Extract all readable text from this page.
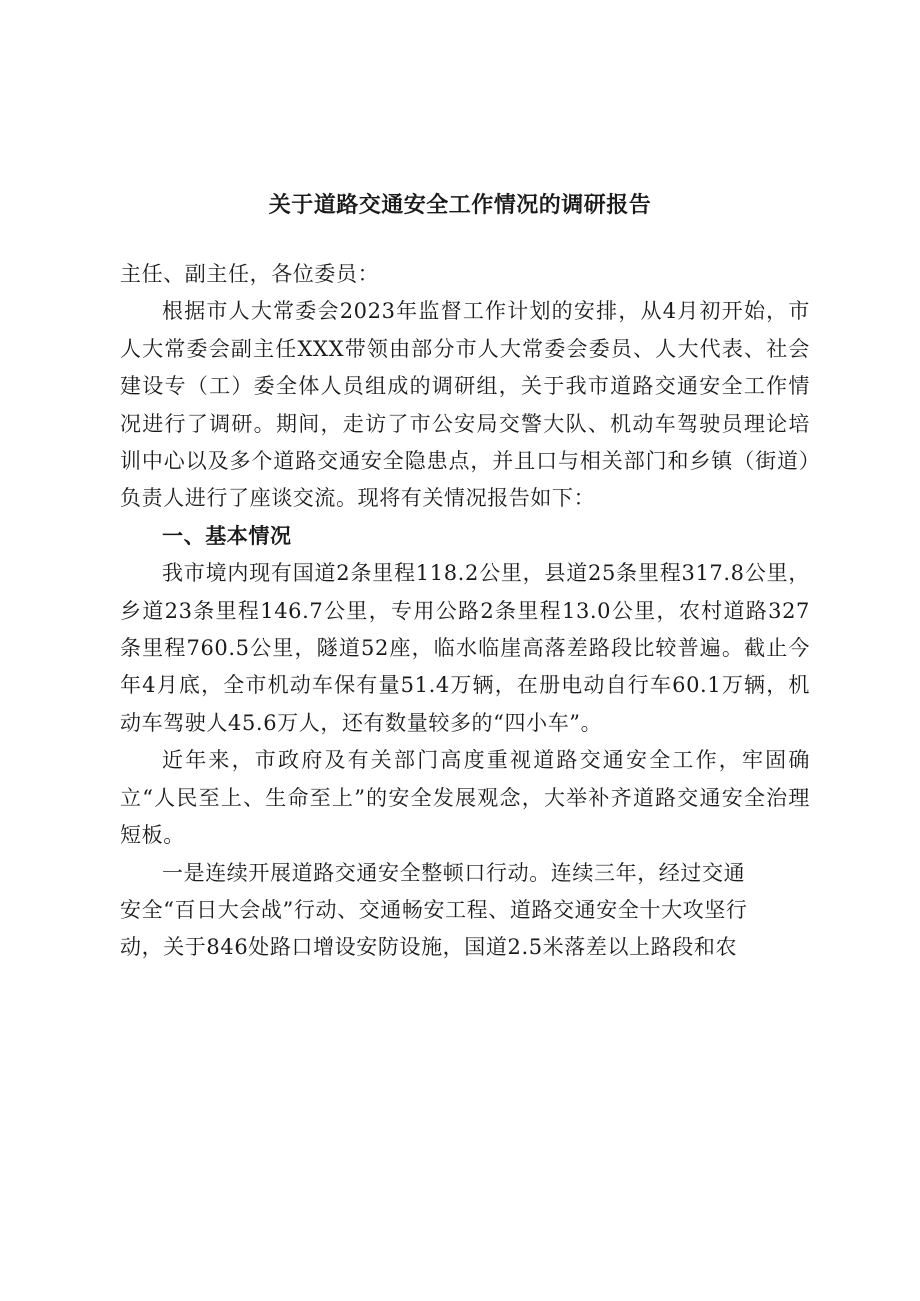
关于道路交通安全工作情况的调研报告

主任、副主任，各位委员：

根据市人大常委会2023年监督工作计划的安排，从4月初开始，市人大常委会副主任XXX带领由部分市人大常委会委员、人大代表、社会建设专（工）委全体人员组成的调研组，关于我市道路交通安全工作情况进行了调研。期间，走访了市公安局交警大队、机动车驾驶员理论培训中心以及多个道路交通安全隐患点，并且口与相关部门和乡镇（街道）负责人进行了座谈交流。现将有关情况报告如下：

一、基本情况

我市境内现有国道2条里程118.2公里，县道25条里程317.8公里，乡道23条里程146.7公里，专用公路2条里程13.0公里，农村道路327条里程760.5公里，隧道52座，临水临崖高落差路段比较普遍。截止今年4月底，全市机动车保有量51.4万辆，在册电动自行车60.1万辆，机动车驾驶人45.6万人，还有数量较多的“四小车”。

近年来，市政府及有关部门高度重视道路交通安全工作，牢固确立“人民至上、生命至上”的安全发展观念，大举补齐道路交通安全治理短板。

一是连续开展道路交通安全整顿口行动。连续三年，经过交通

安全“百日大会战”行动、交通畅安工程、道路交通安全十大攻坚行

动，关于846处路口增设安防设施，国道2.5米落差以上路段和农
